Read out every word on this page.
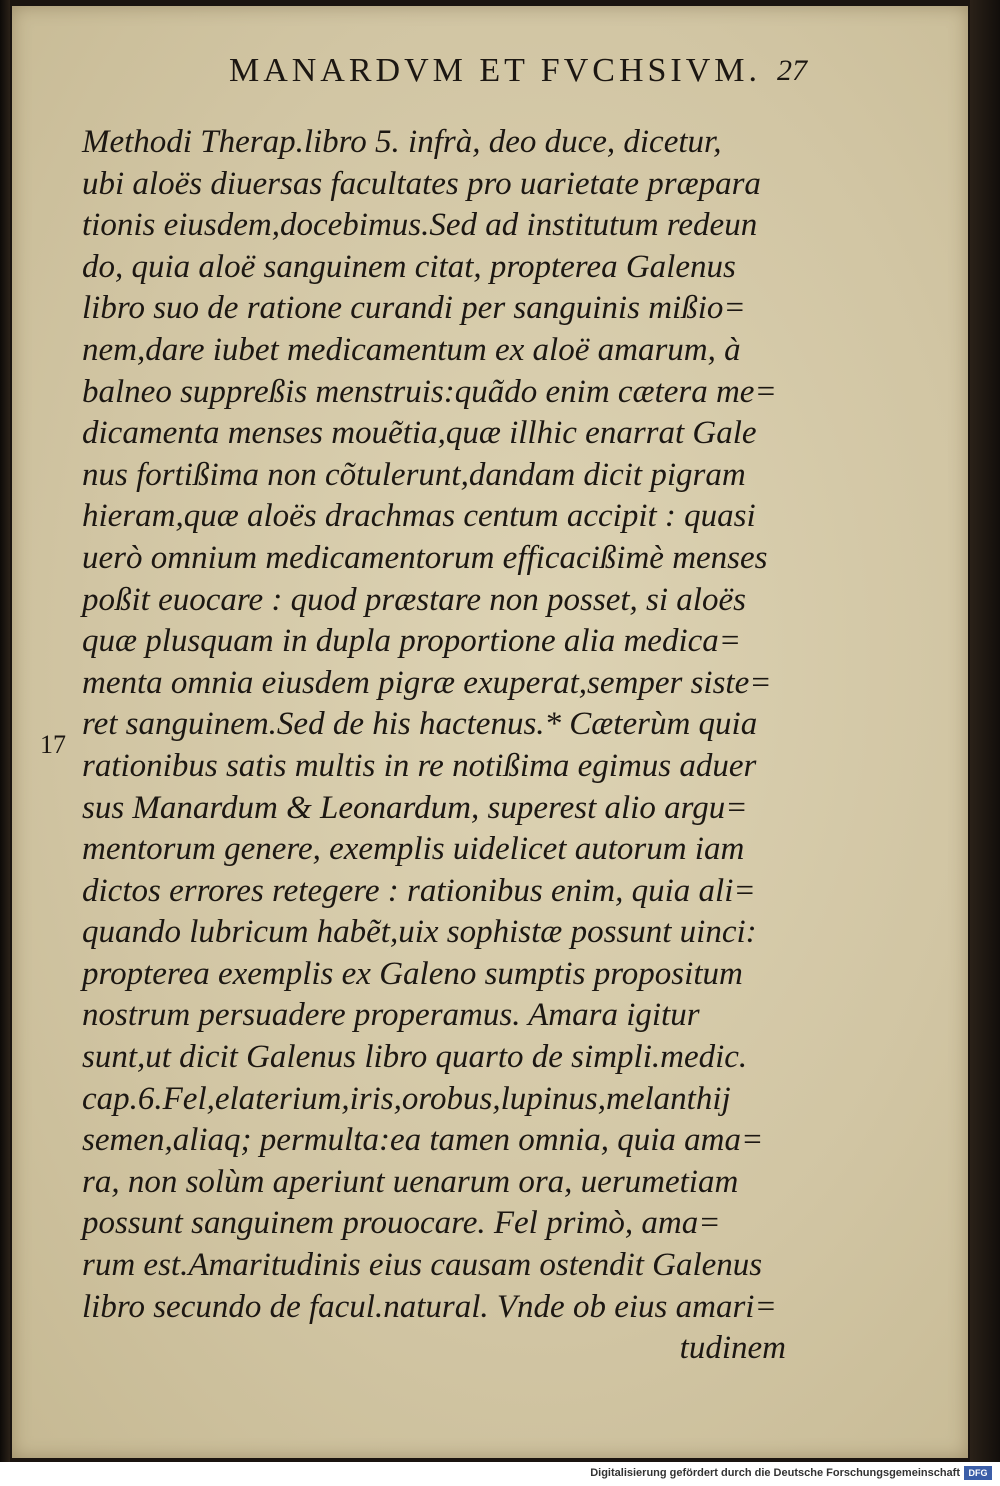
MANARDVM ET FVCHSIVM. 27
17
Methodi Therap.libro 5. infrà, deo duce, dicetur,
ubi aloës diuersas facultates pro uarietate præpara
tionis eiusdem,docebimus.Sed ad institutum redeun
do, quia aloë sanguinem citat, propterea Galenus
libro suo de ratione curandi per sanguinis mißio=
nem,dare iubet medicamentum ex aloë amarum, à
balneo suppreßis menstruis:quãdo enim cætera me=
dicamenta menses mouẽtia,quæ illhic enarrat Gale
nus fortißima non cõtulerunt,dandam dicit pigram
hieram,quæ aloës drachmas centum accipit : quasi
uerò omnium medicamentorum efficacißimè menses
poßit euocare : quod præstare non posset, si aloës
quæ plusquam in dupla proportione alia medica=
menta omnia eiusdem pigræ exuperat,semper siste=
ret sanguinem.Sed de his hactenus.* Cæterùm quia
rationibus satis multis in re notißima egimus aduer
sus Manardum & Leonardum, superest alio argu=
mentorum genere, exemplis uidelicet autorum iam
dictos errores retegere : rationibus enim, quia ali=
quando lubricum habẽt,uix sophistæ possunt uinci:
propterea exemplis ex Galeno sumptis propositum
nostrum persuadere properamus. Amara igitur
sunt,ut dicit Galenus libro quarto de simpli.medic.
cap.6.Fel,elaterium,iris,orobus,lupinus,melanthij
semen,aliaq; permulta:ea tamen omnia, quia ama=
ra, non solùm aperiunt uenarum ora, uerumetiam
possunt sanguinem prouocare. Fel primò, ama=
rum est.Amaritudinis eius causam ostendit Galenus
libro secundo de facul.natural. Vnde ob eius amari=
tudinem
Digitalisierung gefördert durch die Deutsche Forschungsgemeinschaft DFG
